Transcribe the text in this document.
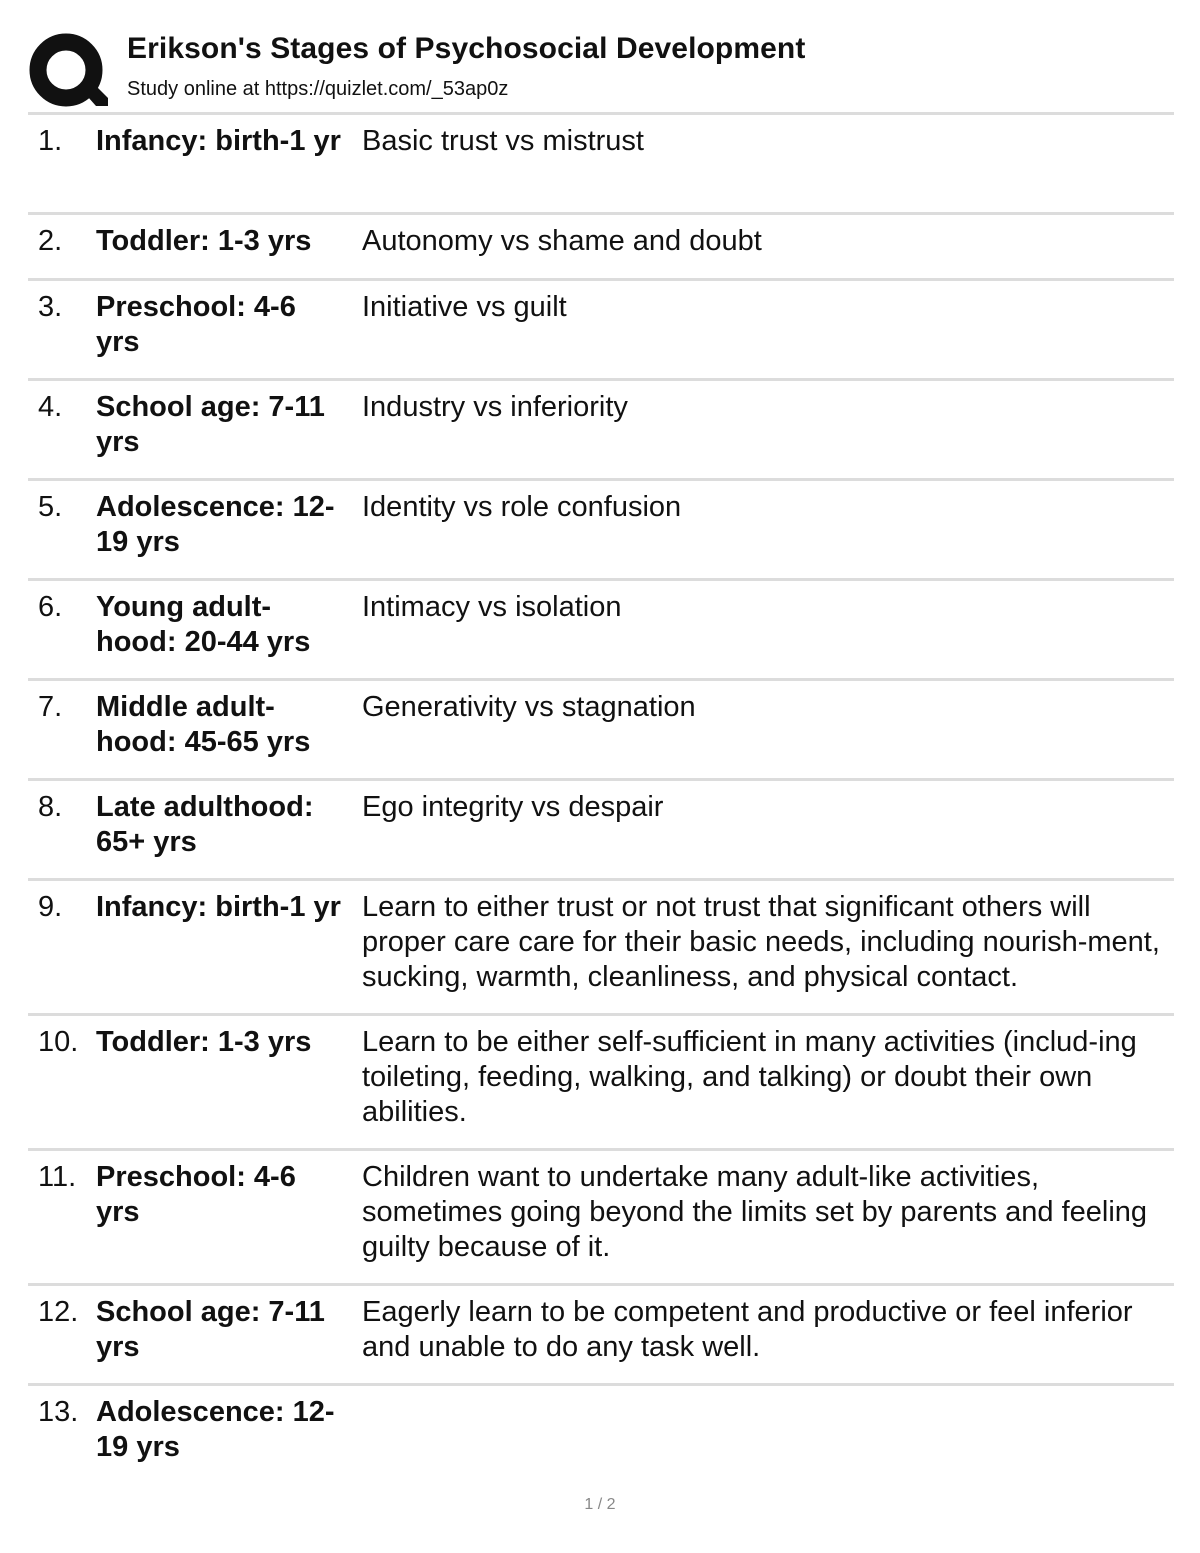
Erikson's Stages of Psychosocial Development
Study online at https://quizlet.com/_53ap0z
1. Infancy: birth-1 yr Basic trust vs mistrust
2. Toddler: 1-3 yrs	Autonomy vs shame and doubt
3. Preschool: 4-6 yrs
Initiative vs guilt
4. School age: 7-11 yrs
Industry vs inferiority
5. Adolescence: 12-19 yrs
Identity vs role confusion
6. Young adult-hood: 20-44 yrs
Intimacy vs isolation
7. Middle adult-hood: 45-65 yrs
Generativity vs stagnation
8. Late adulthood: 65+ yrs
Ego integrity vs despair
9. Infancy: birth-1 yr Learn to either trust or not trust that significant others will proper care care for their basic needs, including nourish-ment, sucking, warmth, cleanliness, and physical contact.
10. Toddler: 1-3 yrs	Learn to be either self-sufficient in many activities (includ-ing toileting, feeding, walking, and talking) or doubt their own abilities.
11. Preschool: 4-6 yrs
Children want to undertake many adult-like activities, sometimes going beyond the limits set by parents and feeling guilty because of it.
12. School age: 7-11 yrs
Eagerly learn to be competent and productive or feel inferior and unable to do any task well.
13. Adolescence: 12-19 yrs
1 / 2
